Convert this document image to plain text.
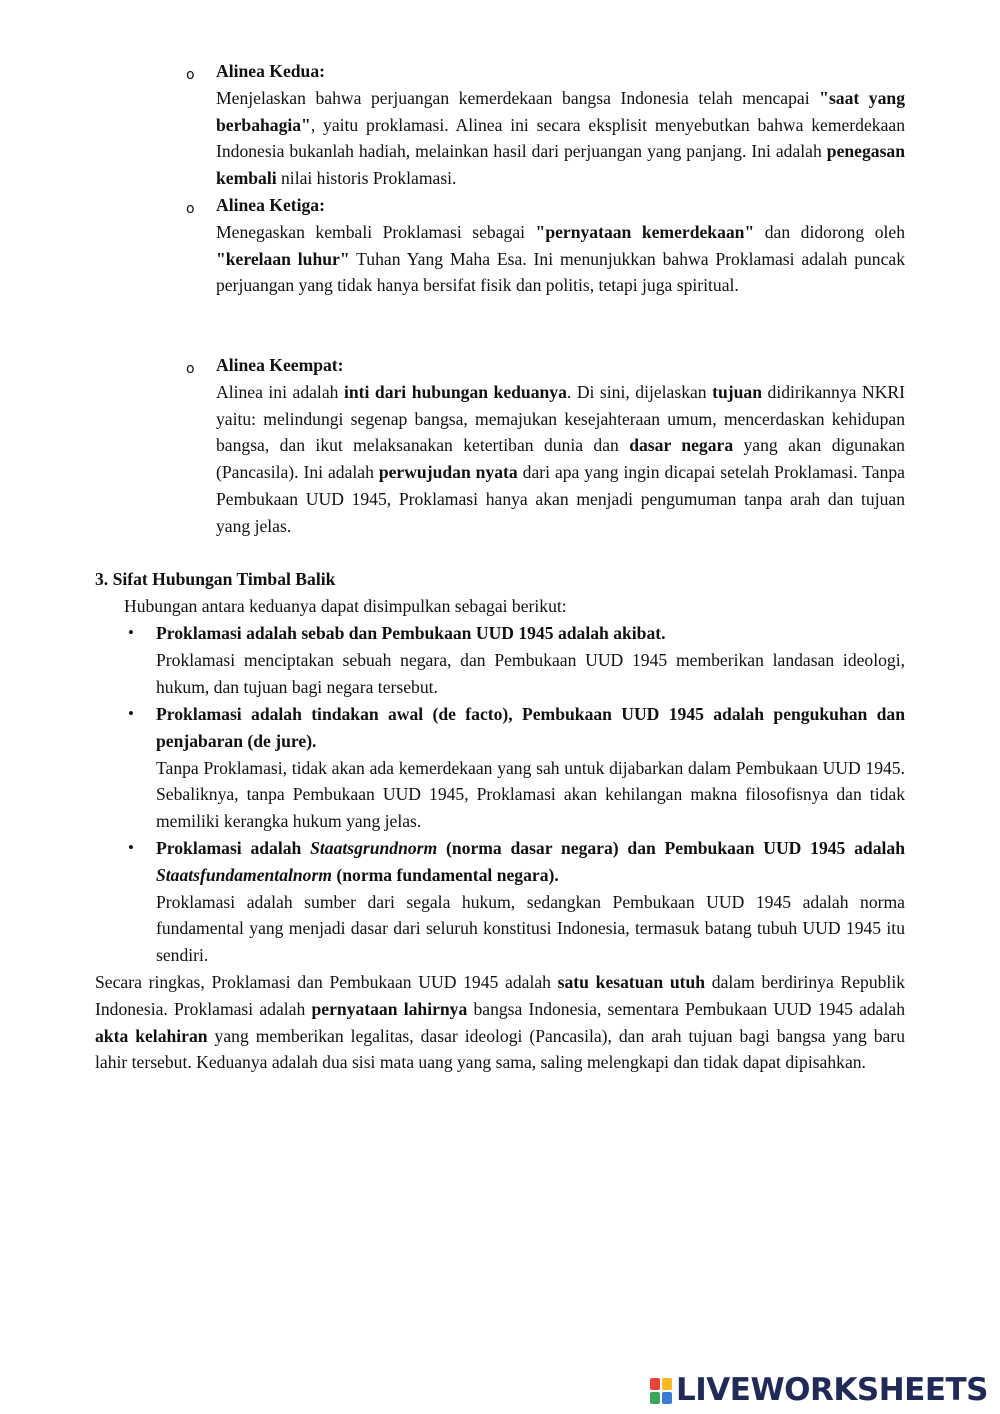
o Alinea Kedua:

Menjelaskan bahwa perjuangan kemerdekaan bangsa Indonesia telah mencapai "saat yang berbahagia", yaitu proklamasi. Alinea ini secara eksplisit menyebutkan bahwa kemerdekaan Indonesia bukanlah hadiah, melainkan hasil dari perjuangan yang panjang. Ini adalah penegasan kembali nilai historis Proklamasi.

o Alinea Ketiga:

Menegaskan kembali Proklamasi sebagai "pernyataan kemerdekaan" dan didorong oleh "kerelaan luhur" Tuhan Yang Maha Esa. Ini menunjukkan bahwa Proklamasi adalah puncak perjuangan yang tidak hanya bersifat fisik dan politis, tetapi juga spiritual.

o Alinea Keempat:

Alinea ini adalah inti dari hubungan keduanya. Di sini, dijelaskan tujuan didirikannya NKRI yaitu: melindungi segenap bangsa, memajukan kesejahteraan umum, mencerdaskan kehidupan bangsa, dan ikut melaksanakan ketertiban dunia dan dasar negara yang akan digunakan (Pancasila). Ini adalah perwujudan nyata dari apa yang ingin dicapai setelah Proklamasi. Tanpa Pembukaan UUD 1945, Proklamasi hanya akan menjadi pengumuman tanpa arah dan tujuan yang jelas.

3. Sifat Hubungan Timbal Balik

Hubungan antara keduanya dapat disimpulkan sebagai berikut:

• Proklamasi adalah sebab dan Pembukaan UUD 1945 adalah akibat.

Proklamasi menciptakan sebuah negara, dan Pembukaan UUD 1945 memberikan landasan ideologi, hukum, dan tujuan bagi negara tersebut.

• Proklamasi adalah tindakan awal (de facto), Pembukaan UUD 1945 adalah pengukuhan dan penjabaran (de jure).

Tanpa Proklamasi, tidak akan ada kemerdekaan yang sah untuk dijabarkan dalam Pembukaan UUD 1945. Sebaliknya, tanpa Pembukaan UUD 1945, Proklamasi akan kehilangan makna filosofisnya dan tidak memiliki kerangka hukum yang jelas.

• Proklamasi adalah Staatsgrundnorm (norma dasar negara) dan Pembukaan UUD 1945 adalah Staatsfundamentalnorm (norma fundamental negara).

Proklamasi adalah sumber dari segala hukum, sedangkan Pembukaan UUD 1945 adalah norma fundamental yang menjadi dasar dari seluruh konstitusi Indonesia, termasuk batang tubuh UUD 1945 itu sendiri.

Secara ringkas, Proklamasi dan Pembukaan UUD 1945 adalah satu kesatuan utuh dalam berdirinya Republik Indonesia. Proklamasi adalah pernyataan lahirnya bangsa Indonesia, sementara Pembukaan UUD 1945 adalah akta kelahiran yang memberikan legalitas, dasar ideologi (Pancasila), dan arah tujuan bagi bangsa yang baru lahir tersebut. Keduanya adalah dua sisi mata uang yang sama, saling melengkapi dan tidak dapat dipisahkan.

LIVEWORKSHEETS
